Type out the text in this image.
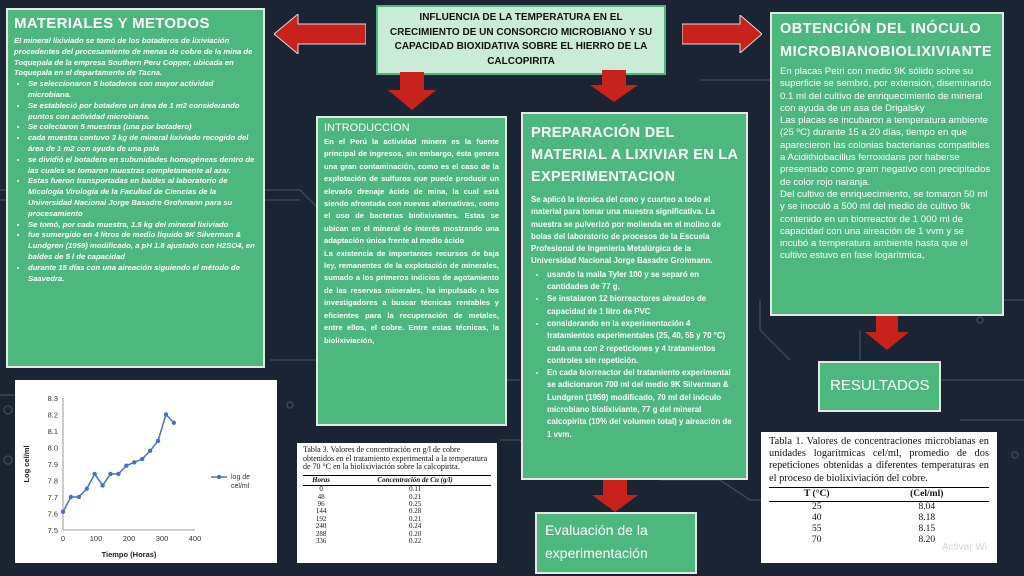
MATERIALES Y METODOS
El mineral lixiviado se tomó de los botaderos de lixiviación procedentes del procesamiento de menas de cobre de la mina de Toquepala de la empresa Southern Peru Copper, ubicada en Toquepala en el departamento de Tacna.
• Se seleccionaron 5 botaderos con mayor actividad microbiana.
• Se estableció por botadero un área de 1 m2 considerando puntos con actividad microbiana.
• Se colectaron 5 muestras (una por botadero)
• cada muestra contuvo 3 kg de mineral lixiviado recogido del área de 1 m2 con ayuda de una pala
• se dividió el botadero en subunidades homogéneas dentro de las cuales se tomaron muestras completamente al azar.
• Estas fueron transportadas en baldes al laboratorio de Micología Virología de la Facultad de Ciencias de la Universidad Nacional Jorge Basadre Grohmann para su procesamiento
• Se tomó, por cada muestra, 1.5 kg del mineral lixiviado
• fue sumergido en 4 litros de medio líquido 9K Silverman & Lundgren (1959) modificado, a pH 1.8 ajustado con H2SO4, en baldes de 5 l de capacidad
• durante 15 días con una aireación siguiendo el método de Saavedra.
INFLUENCIA DE LA TEMPERATURA EN EL CRECIMIENTO DE UN CONSORCIO MICROBIANO Y SU CAPACIDAD BIOXIDATIVA SOBRE EL HIERRO DE LA CALCOPIRITA
INTRODUCCION

En el Perú la actividad minera es la fuente principal de ingresos, sin embargo, ésta genera una gran contaminación, como es el caso de la explotación de sulfuros que puede producir un elevado drenaje ácido de mina, la cual está siendo afrontada con nuevas alternativas, como el uso de bacterias biolixiviantes. Estas se ubican en el mineral de interés mostrando una adaptación única frente al medio ácido

La existencia de importantes recursos de baja ley, remanentes de la explotación de minerales, sumado a los primeros indicios de agotamiento de las reservas minerales, ha impulsado a los investigadores a buscar técnicas rentables y eficientes para la recuperación de metales, entre ellos, el cobre. Entre estas técnicas, la biolixiviación,

PREPARACIÓN DEL MATERIAL A LIXIVIAR EN LA EXPERIMENTACION
Se aplicó la técnica del cono y cuarteo a todo el material para tomar una muestra significativa. La muestra se pulverizó por molienda en el molino de bolas del laboratorio de procesos de la Escuela Profesional de Ingeniería Metalúrgica de la Universidad Nacional Jorge Basadre Grohmann.
• usando la malla Tyler 100 y se separó en cantidades de 77 g.
• Se instalaron 12 biorreactores aireados de capacidad de 1 litro de PVC
• considerando en la experimentación 4 tratamientos experimentales (25, 40, 55 y 70 °C) cada una con 2 repeticiones y 4 tratamientos controles sin repetición.
• En cada biorreactor del tratamiento experimental se adicionaron 700 ml del medio 9K Silverman & Lundgren (1959) modificado, 70 ml del inóculo microbiano biolixiviante, 77 g del mineral calcopirita (10% del volumen total) y aireación de 1 vvm.
OBTENCIÓN DEL INÓCULO MICROBIANOBIOLIXIVIANTE
En placas Petri con medio 9K sólido sobre su superficie se sembró, por extensión, diseminando 0.1 ml del cultivo de enriquecimiento de mineral con ayuda de un asa de Drigalsky
Las placas se incubaron a temperatura ambiente (25 ºC) durante 15 a 20 días, tiempo en que aparecieron las colonias bacterianas compatibles a Acidithiobacillus ferroxidans por haberse presentado como gram negativo con precipitados de color rojo naranja.
Del cultivo de enriquecimiento, se tomaron 50 ml y se inoculó a 500 ml del medio de cultivo 9k contenido en un biorreactor de 1 000 ml de capacidad con una aireación de 1 vvm y se incubó a temperatura ambiente hasta que el cultivo estuvo en fase logarítmica,
RESULTADOS
Evaluación de la experimentación
7.5
7.6
7.7
7.8
7.9
8.0
8.1
8.2
8.3
0	100	200	300	400
Tiempo (Horas)
Log cel/ml	log de
cel/ml
Tabla 3. Valores de concentración en g/l de cobre obtenidos en el tratamiento experimental a la temperatura de 70 °C en la biolixiviación sobre la calcopirita.
Horas	Concentración de Cu (g/l)
0	0.11
48	0.21
96	0.25
144	0.28
192	0.21
240	0.24
288	0.20
336	0.22
Tabla 1. Valores de concentraciones microbianas en unidades logarítmicas cel/ml, promedio de dos repeticiones obtenidas a diferentes temperaturas en el proceso de biolixiviación del cobre.
T (°C)	(Cel/ml)
25	8.04
40	8.18
55	8.15
70	8.20
Activar Wi
